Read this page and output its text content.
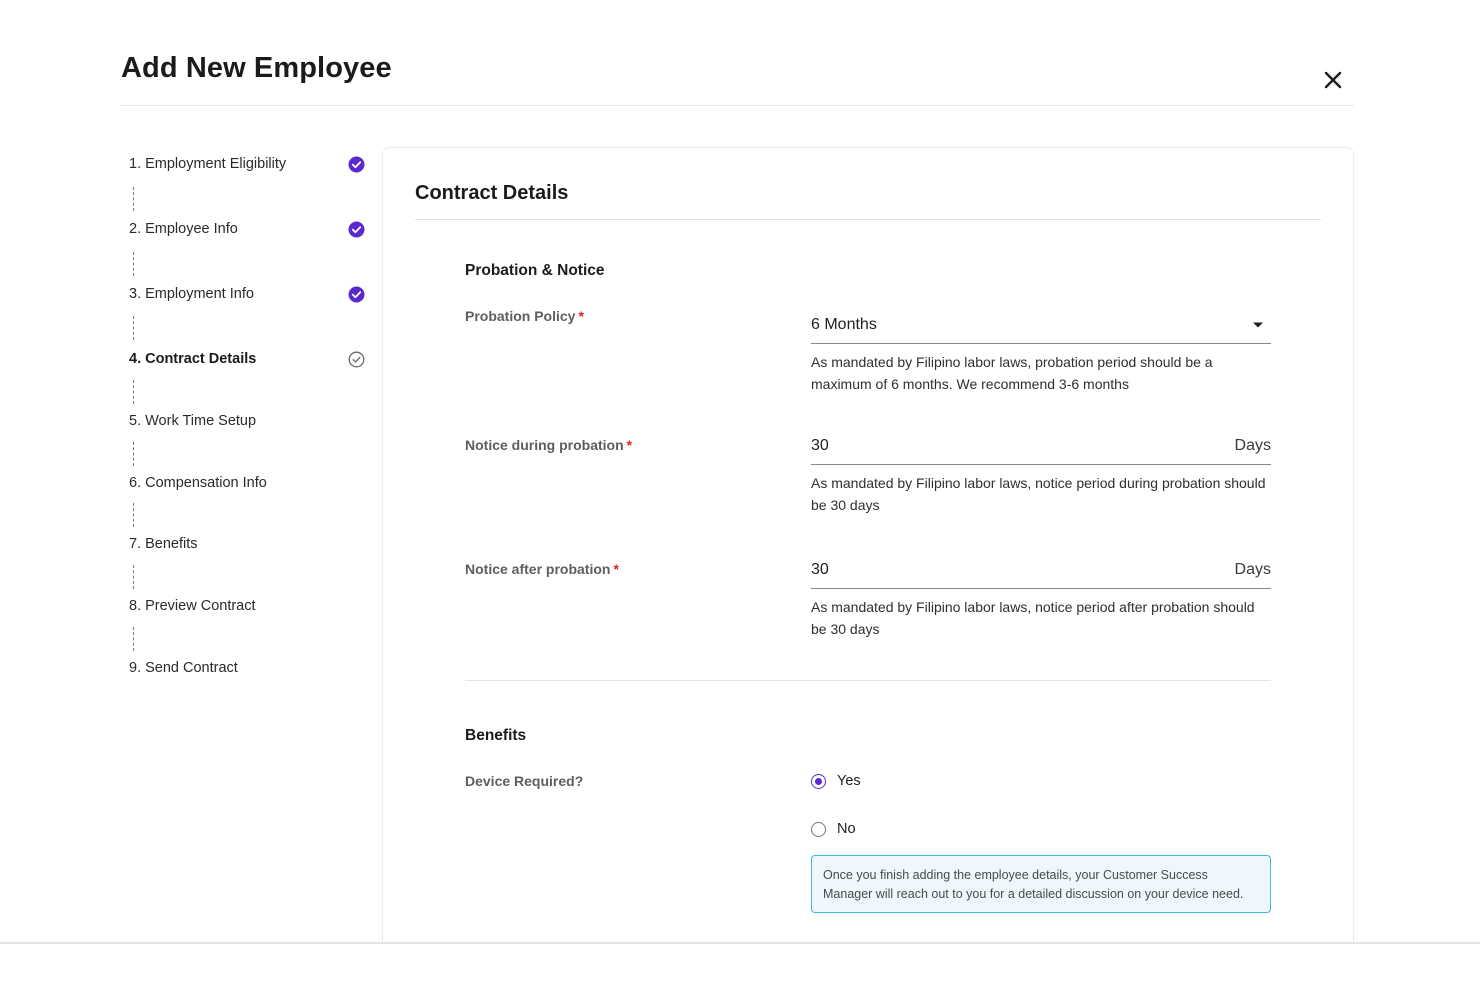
Add New Employee
1. Employment Eligibility
2. Employee Info
3. Employment Info
4. Contract Details
5. Work Time Setup
6. Compensation Info
7. Benefits
8. Preview Contract
9. Send Contract
Contract Details
Probation & Notice
Probation Policy *	6 Months
As mandated by Filipino labor laws, probation period should be a maximum of 6 months. We recommend 3-6 months
Notice during probation *	30	Days
As mandated by Filipino labor laws, notice period during probation should be 30 days
Notice after probation *	30	Days
As mandated by Filipino labor laws, notice period after probation should be 30 days
Benefits
Device Required?	Yes
No
Once you finish adding the employee details, your Customer Success Manager will reach out to you for a detailed discussion on your device need.
